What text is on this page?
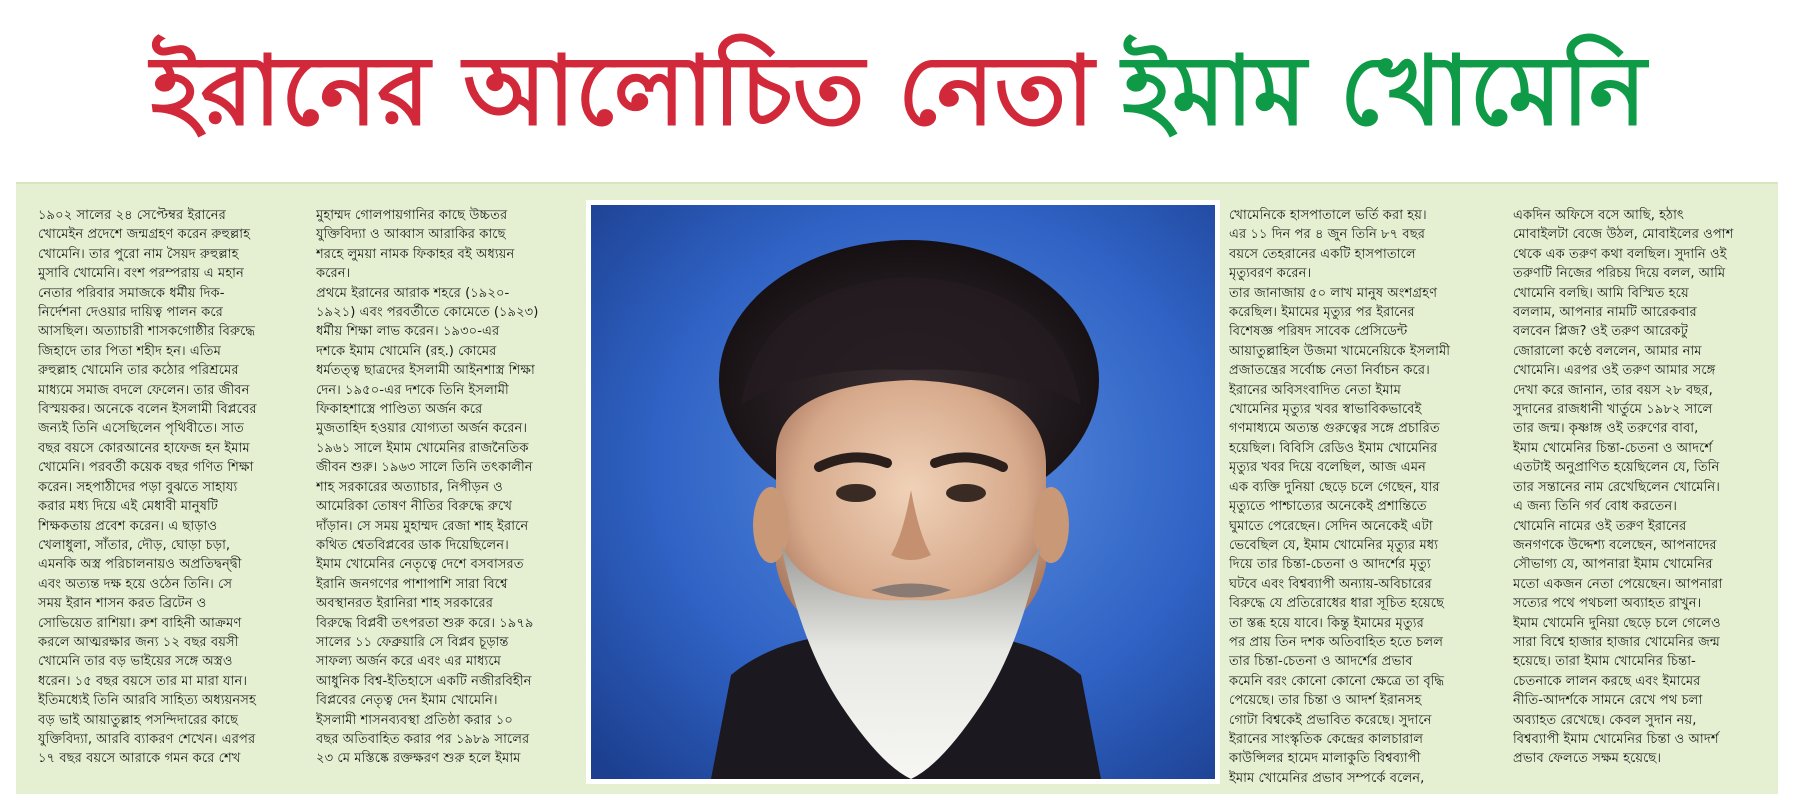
ইরানের আলোচিত নেতা ইমাম খোমেনি

১৯০২ সালের ২৪ সেপ্টেম্বর ইরানের
খোমেইন প্রদেশে জন্মগ্রহণ করেন রুহুল্লাহ
খোমেনি। তার পুরো নাম সৈয়দ রুহুল্লাহ
মুসাবি খোমেনি। বংশ পরম্পরায় এ মহান
নেতার পরিবার সমাজকে ধর্মীয় দিক-
নির্দেশনা দেওয়ার দায়িত্ব পালন করে
আসছিল। অত্যাচারী শাসকগোষ্ঠীর বিরুদ্ধে
জিহাদে তার পিতা শহীদ হন। এতিম
রুহুল্লাহ খোমেনি তার কঠোর পরিশ্রমের
মাধ্যমে সমাজ বদলে ফেলেন। তার জীবন
বিস্ময়কর। অনেকে বলেন ইসলামী বিপ্লবের
জন্যই তিনি এসেছিলেন পৃথিবীতে। সাত
বছর বয়সে কোরআনের হাফেজ হন ইমাম
খোমেনি। পরবর্তী কয়েক বছর গণিত শিক্ষা
করেন। সহপাঠীদের পড়া বুঝতে সাহায্য
করার মধ্য দিয়ে এই মেধাবী মানুষটি
শিক্ষকতায় প্রবেশ করেন। এ ছাড়াও
খেলাধুলা, সাঁতার, দৌড়, ঘোড়া চড়া,
এমনকি অস্ত্র পরিচালনায়ও অপ্রতিদ্বন্দ্বী
এবং অত্যন্ত দক্ষ হয়ে ওঠেন তিনি। সে
সময় ইরান শাসন করত ব্রিটেন ও
সোভিয়েত রাশিয়া। রুশ বাহিনী আক্রমণ
করলে আত্মরক্ষার জন্য ১২ বছর বয়সী
খোমেনি তার বড় ভাইয়ের সঙ্গে অস্ত্রও
ধরেন। ১৫ বছর বয়সে তার মা মারা যান।
ইতিমধ্যেই তিনি আরবি সাহিত্য অধ্যয়নসহ
বড় ভাই আয়াতুল্লাহ পসন্দিদারের কাছে
যুক্তিবিদ্যা, আরবি ব্যাকরণ শেখেন। এরপর
১৭ বছর বয়সে আরাকে গমন করে শেখ

মুহাম্মদ গোলপায়গানির কাছে উচ্চতর
যুক্তিবিদ্যা ও আব্বাস আরাকির কাছে
শরহে লুময়া নামক ফিকাহর বই অধ্যয়ন
করেন।
প্রথমে ইরানের আরাক শহরে (১৯২০-
১৯২১) এবং পরবর্তীতে কোমেতে (১৯২৩)
ধর্মীয় শিক্ষা লাভ করেন। ১৯৩০-এর
দশকে ইমাম খোমেনি (রহ.) কোমের
ধর্মতত্ত্ব ছাত্রদের ইসলামী আইনশাস্ত্র শিক্ষা
দেন। ১৯৫০-এর দশকে তিনি ইসলামী
ফিকাহশাস্ত্রে পাণ্ডিত্য অর্জন করে
মুজতাহিদ হওয়ার যোগ্যতা অর্জন করেন।
১৯৬১ সালে ইমাম খোমেনির রাজনৈতিক
জীবন শুরু। ১৯৬৩ সালে তিনি তৎকালীন
শাহ সরকারের অত্যাচার, নিপীড়ন ও
আমেরিকা তোষণ নীতির বিরুদ্ধে রুখে
দাঁড়ান। সে সময় মুহাম্মদ রেজা শাহ ইরানে
কথিত শ্বেতবিপ্লবের ডাক দিয়েছিলেন।
ইমাম খোমেনির নেতৃত্বে দেশে বসবাসরত
ইরানি জনগণের পাশাপাশি সারা বিশ্বে
অবস্থানরত ইরানিরা শাহ সরকারের
বিরুদ্ধে বিপ্লবী তৎপরতা শুরু করে। ১৯৭৯
সালের ১১ ফেব্রুয়ারি সে বিপ্লব চূড়ান্ত
সাফল্য অর্জন করে এবং এর মাধ্যমে
আধুনিক বিশ্ব-ইতিহাসে একটি নজীরবিহীন
বিপ্লবের নেতৃত্ব দেন ইমাম খোমেনি।
ইসলামী শাসনব্যবস্থা প্রতিষ্ঠা করার ১০
বছর অতিবাহিত করার পর ১৯৮৯ সালের
২৩ মে মস্তিষ্কে রক্তক্ষরণ শুরু হলে ইমাম

খোমেনিকে হাসপাতালে ভর্তি করা হয়।
এর ১১ দিন পর ৪ জুন তিনি ৮৭ বছর
বয়সে তেহরানের একটি হাসপাতালে
মৃত্যুবরণ করেন।
তার জানাজায় ৫০ লাখ মানুষ অংশগ্রহণ
করেছিল। ইমামের মৃত্যুর পর ইরানের
বিশেষজ্ঞ পরিষদ সাবেক প্রেসিডেন্ট
আয়াতুল্লাহিল উজমা খামেনেয়িকে ইসলামী
প্রজাতন্ত্রের সর্বোচ্চ নেতা নির্বাচন করে।
ইরানের অবিসংবাদিত নেতা ইমাম
খোমেনির মৃত্যুর খবর স্বাভাবিকভাবেই
গণমাধ্যমে অত্যন্ত গুরুত্বের সঙ্গে প্রচারিত
হয়েছিল। বিবিসি রেডিও ইমাম খোমেনির
মৃত্যুর খবর দিয়ে বলেছিল, আজ এমন
এক ব্যক্তি দুনিয়া ছেড়ে চলে গেছেন, যার
মৃত্যুতে পাশ্চাত্যের অনেকেই প্রশান্তিতে
ঘুমাতে পেরেছেন। সেদিন অনেকেই এটা
ভেবেছিল যে, ইমাম খোমেনির মৃত্যুর মধ্য
দিয়ে তার চিন্তা-চেতনা ও আদর্শের মৃত্যু
ঘটবে এবং বিশ্বব্যাপী অন্যায়-অবিচারের
বিরুদ্ধে যে প্রতিরোধের ধারা সূচিত হয়েছে
তা স্তব্ধ হয়ে যাবে। কিন্তু ইমামের মৃত্যুর
পর প্রায় তিন দশক অতিবাহিত হতে চলল
তার চিন্তা-চেতনা ও আদর্শের প্রভাব
কমেনি বরং কোনো কোনো ক্ষেত্রে তা বৃদ্ধি
পেয়েছে। তার চিন্তা ও আদর্শ ইরানসহ
গোটা বিশ্বকেই প্রভাবিত করেছে। সুদানে
ইরানের সাংস্কৃতিক কেন্দ্রের কালচারাল
কাউন্সিলর হামেদ মালাকুতি বিশ্বব্যাপী
ইমাম খোমেনির প্রভাব সম্পর্কে বলেন,

একদিন অফিসে বসে আছি, হঠাৎ
মোবাইলটা বেজে উঠল, মোবাইলের ওপাশ
থেকে এক তরুণ কথা বলছিল। সুদানি ওই
তরুণটি নিজের পরিচয় দিয়ে বলল, আমি
খোমেনি বলছি। আমি বিস্মিত হয়ে
বললাম, আপনার নামটি আরেকবার
বলবেন প্লিজ? ওই তরুণ আরেকটু
জোরালো কণ্ঠে বললেন, আমার নাম
খোমেনি। এরপর ওই তরুণ আমার সঙ্গে
দেখা করে জানান, তার বয়স ২৮ বছর,
সুদানের রাজধানী খার্তুমে ১৯৮২ সালে
তার জন্ম। কৃষ্ণাঙ্গ ওই তরুণের বাবা,
ইমাম খোমেনির চিন্তা-চেতনা ও আদর্শে
এতটাই অনুপ্রাণিত হয়েছিলেন যে, তিনি
তার সন্তানের নাম রেখেছিলেন খোমেনি।
এ জন্য তিনি গর্ব বোধ করতেন।
খোমেনি নামের ওই তরুণ ইরানের
জনগণকে উদ্দেশ্য বলেছেন, আপনাদের
সৌভাগ্য যে, আপনারা ইমাম খোমেনির
মতো একজন নেতা পেয়েছেন। আপনারা
সত্যের পথে পথচলা অব্যাহত রাখুন।
ইমাম খোমেনি দুনিয়া ছেড়ে চলে গেলেও
সারা বিশ্বে হাজার হাজার খোমেনির জন্ম
হয়েছে। তারা ইমাম খোমেনির চিন্তা-
চেতনাকে লালন করছে এবং ইমামের
নীতি-আদর্শকে সামনে রেখে পথ চলা
অব্যাহত রেখেছে। কেবল সুদান নয়,
বিশ্বব্যাপী ইমাম খোমেনির চিন্তা ও আদর্শ
প্রভাব ফেলতে সক্ষম হয়েছে।
